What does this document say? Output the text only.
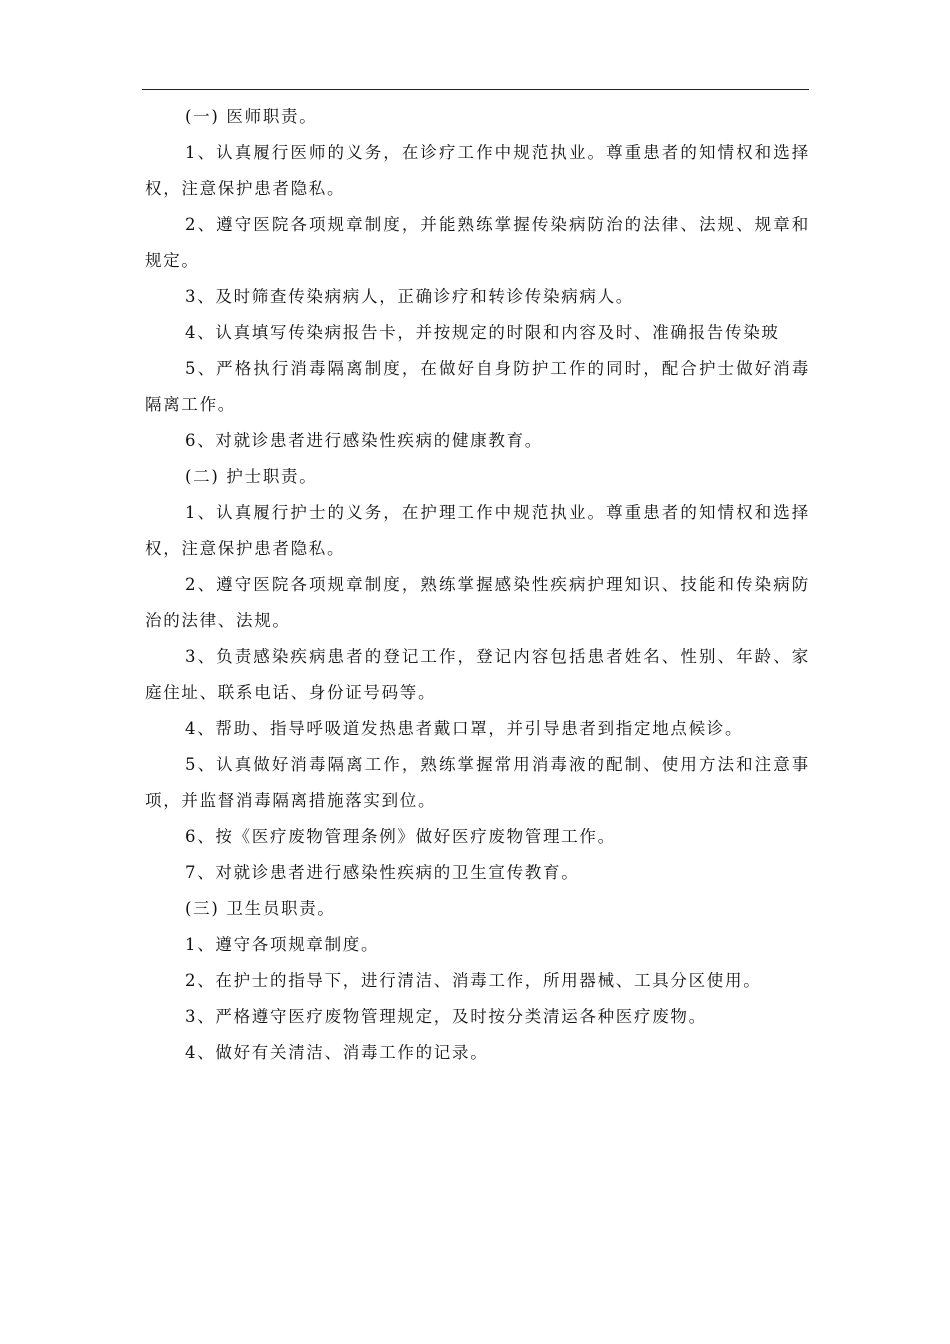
(一) 医师职责。

1、认真履行医师的义务，在诊疗工作中规范执业。尊重患者的知情权和选择权，注意保护患者隐私。

2、遵守医院各项规章制度，并能熟练掌握传染病防治的法律、法规、规章和规定。

3、及时筛查传染病病人，正确诊疗和转诊传染病病人。

4、认真填写传染病报告卡，并按规定的时限和内容及时、准确报告传染玻

5、严格执行消毒隔离制度，在做好自身防护工作的同时，配合护士做好消毒隔离工作。

6、对就诊患者进行感染性疾病的健康教育。

(二) 护士职责。

1、认真履行护士的义务，在护理工作中规范执业。尊重患者的知情权和选择权，注意保护患者隐私。

2、遵守医院各项规章制度，熟练掌握感染性疾病护理知识、技能和传染病防治的法律、法规。

3、负责感染疾病患者的登记工作，登记内容包括患者姓名、性别、年龄、家庭住址、联系电话、身份证号码等。

4、帮助、指导呼吸道发热患者戴口罩，并引导患者到指定地点候诊。

5、认真做好消毒隔离工作，熟练掌握常用消毒液的配制、使用方法和注意事项，并监督消毒隔离措施落实到位。

6、按《医疗废物管理条例》做好医疗废物管理工作。

7、对就诊患者进行感染性疾病的卫生宣传教育。

(三) 卫生员职责。

1、遵守各项规章制度。

2、在护士的指导下，进行清洁、消毒工作，所用器械、工具分区使用。

3、严格遵守医疗废物管理规定，及时按分类清运各种医疗废物。

4、做好有关清洁、消毒工作的记录。
